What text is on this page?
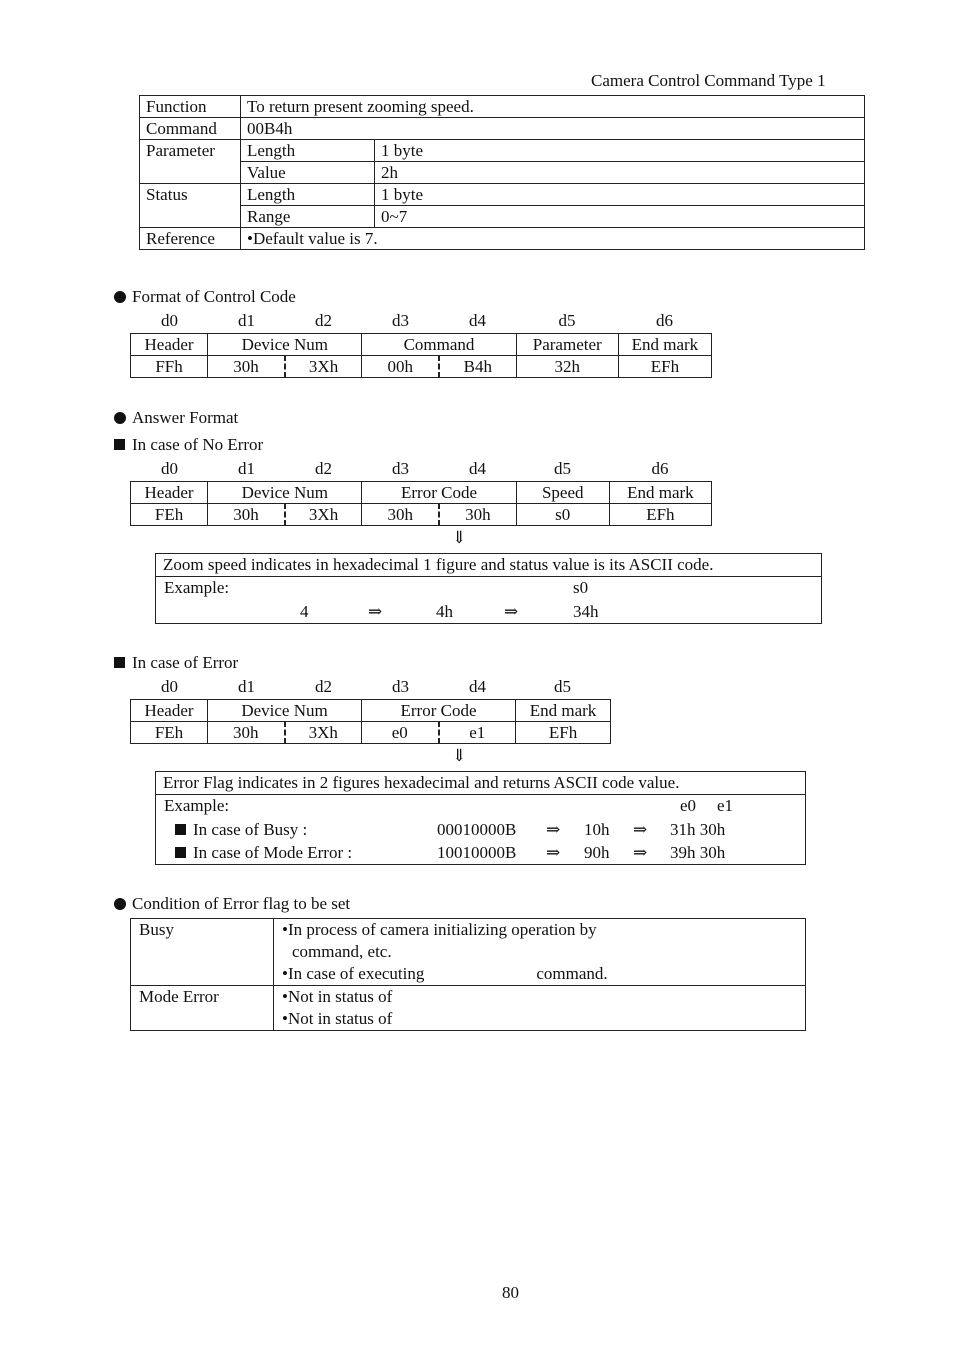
Camera Control Command Type 1
Function	To return present zooming speed.	
Command	00B4h	
Parameter	Length	1 byte
	Value	2h
Status	Length	1 byte
	Range	0~7
Reference	•Default value is 7.	
Format of Control Code
d0	d1	d2	d3	d4	d5	d6
Header	Device Num		Command		Parameter	End mark
FFh	30h	3Xh	00h	B4h	32h	EFh
Answer Format
In case of No Error
d0	d1	d2	d3	d4	d5	d6
Header	Device Num		Error Code		Speed	End mark
FEh	30h	3Xh	30h	30h	s0	EFh
⇓
Zoom speed indicates in hexadecimal 1 figure and status value is its ASCII code.
Example:	s0
4	⇒	4h	⇒	34h
In case of Error
d0	d1	d2	d3	d4	d5
Header	Device Num		Error Code		End mark
FEh	30h	3Xh	e0	e1	EFh
⇓
Error Flag indicates in 2 figures hexadecimal and returns ASCII code value.
Example:	e0 e1
In case of Busy :	00010000B ⇒ 10h ⇒ 31h 30h
In case of Mode Error :	10010000B ⇒ 90h ⇒ 39h 30h
Condition of Error flag to be set
Busy	•In process of camera initializing operation by
command, etc.
•In case of executing command.

Mode Error	•Not in status of
•Not in status of
80
